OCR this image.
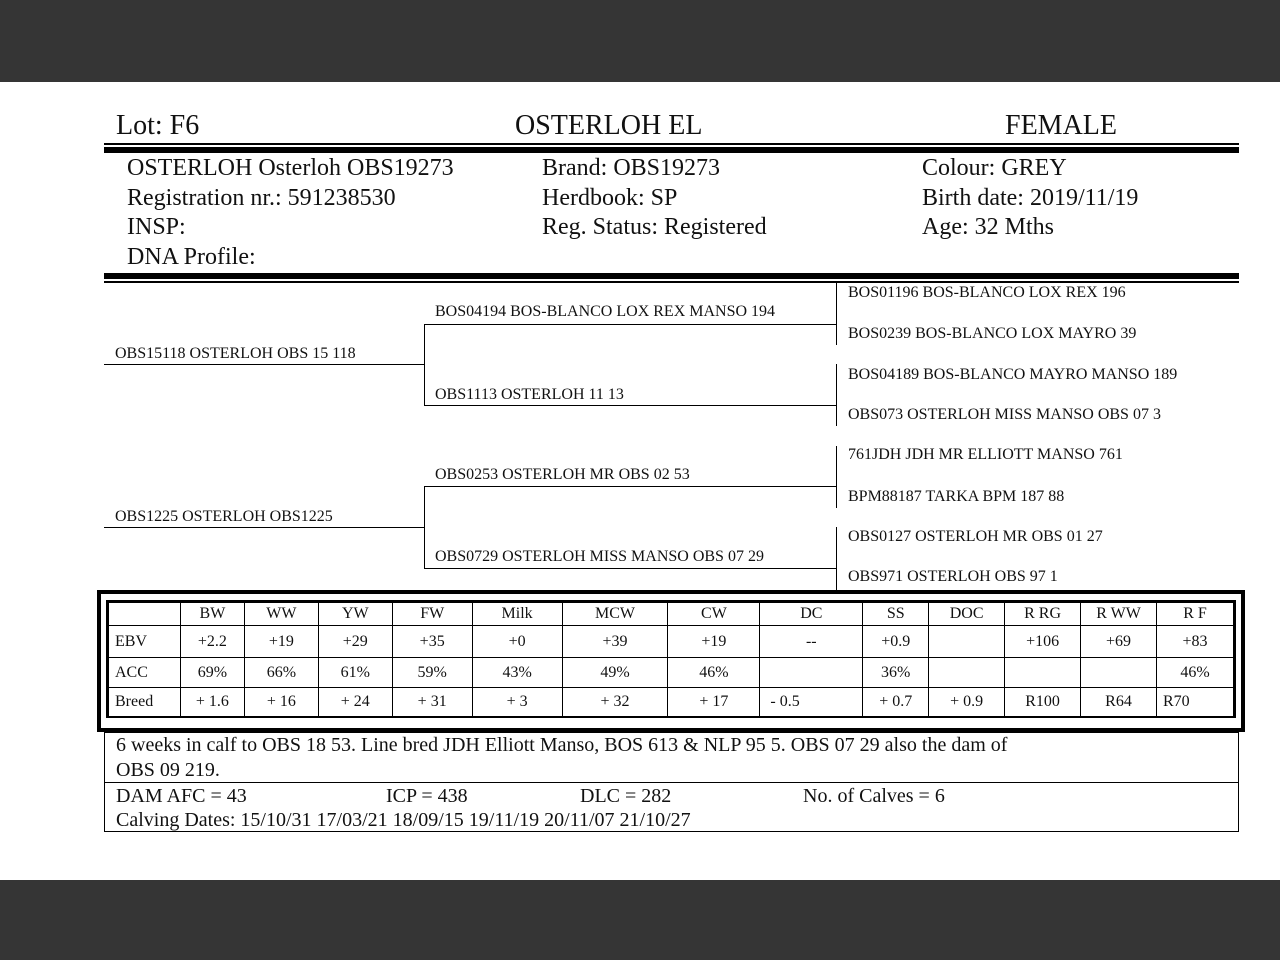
Lot: F6	OSTERLOH EL	FEMALE
OSTERLOH Osterloh OBS19273
Registration nr.: 591238530
INSP:
DNA Profile:
Brand: OBS19273
Herdbook: SP
Reg. Status: Registered
Colour: GREY
Birth date: 2019/11/19
Age: 32 Mths
OBS15118 OSTERLOH OBS 15 118
OBS1225 OSTERLOH OBS1225
BOS04194 BOS-BLANCO LOX REX MANSO 194
OBS1113 OSTERLOH 11 13
OBS0253 OSTERLOH MR OBS 02 53
OBS0729 OSTERLOH MISS MANSO OBS 07 29
BOS01196 BOS-BLANCO LOX REX 196
BOS0239 BOS-BLANCO LOX MAYRO 39
BOS04189 BOS-BLANCO MAYRO MANSO 189
OBS073 OSTERLOH MISS MANSO OBS 07 3
761JDH JDH MR ELLIOTT MANSO 761
BPM88187 TARKA BPM 187 88
OBS0127 OSTERLOH MR OBS 01 27
OBS971 OSTERLOH OBS 97 1
	BW	WW	YW	FW	Milk	MCW	CW	DC	SS	DOC	R RG	R WW	R F
EBV	+2.2	+19	+29	+35	+0	+39	+19	--	+0.9		+106	+69	+83
ACC	69%	66%	61%	59%	43%	49%	46%		36%				46%
Breed	+ 1.6	+ 16	+ 24	+ 31	+ 3	+ 32	+ 17	- 0.5	+ 0.7	+ 0.9	R100	R64	R70
6 weeks in calf to OBS 18 53. Line bred JDH Elliott Manso, BOS 613 & NLP 95 5. OBS 07 29 also the dam of
OBS 09 219.
DAM AFC = 43	ICP = 438	DLC = 282	No. of Calves = 6
Calving Dates: 15/10/31 17/03/21 18/09/15 19/11/19 20/11/07 21/10/27
